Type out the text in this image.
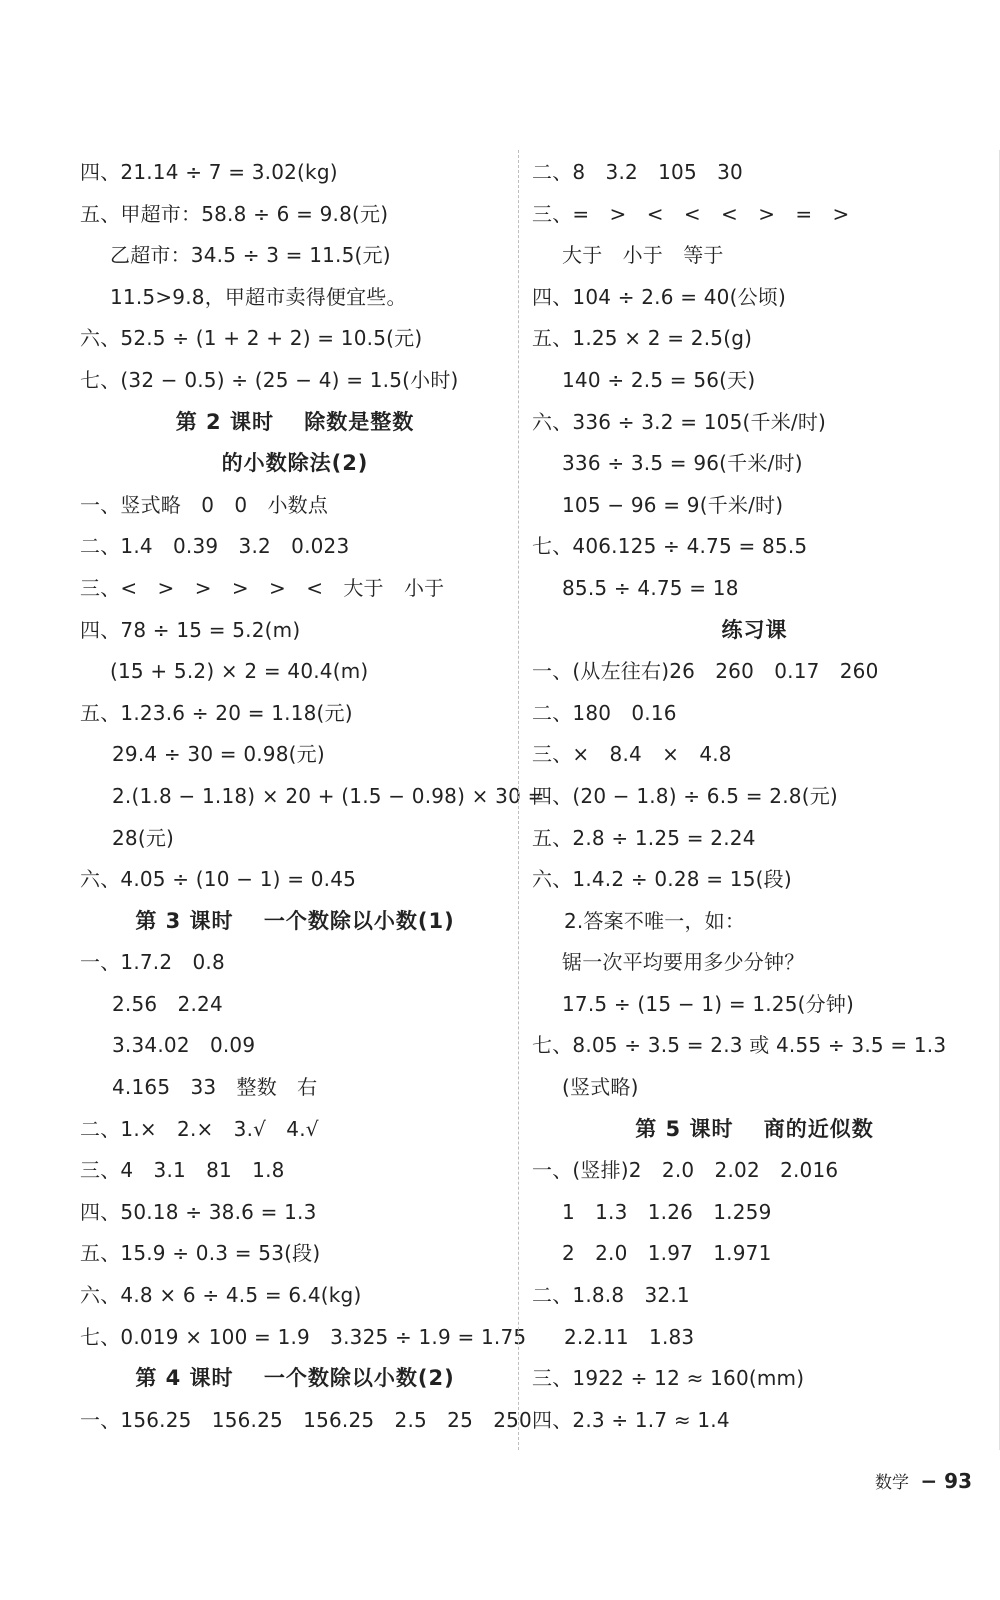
四、21.14 ÷ 7 = 3.02(kg)
五、甲超市：58.8 ÷ 6 = 9.8(元)
乙超市：34.5 ÷ 3 = 11.5(元)
11.5>9.8，甲超市卖得便宜些。
六、52.5 ÷ (1 + 2 + 2) = 10.5(元)
七、(32 − 0.5) ÷ (25 − 4) = 1.5(小时)
第 2 课时　 除数是整数
的小数除法(2)
一、竖式略　0　0　小数点
二、1.4　0.39　3.2　0.023
三、<　>　>　>　>　<　大于　小于
四、78 ÷ 15 = 5.2(m)
(15 + 5.2) × 2 = 40.4(m)
五、1.23.6 ÷ 20 = 1.18(元)
29.4 ÷ 30 = 0.98(元)
2.(1.8 − 1.18) × 20 + (1.5 − 0.98) × 30 =
28(元)
六、4.05 ÷ (10 − 1) = 0.45
第 3 课时　 一个数除以小数(1)
一、1.7.2　0.8
2.56　2.24
3.34.02　0.09
4.165　33　整数　右
二、1.×　2.×　3.√　4.√
三、4　3.1　81　1.8
四、50.18 ÷ 38.6 = 1.3
五、15.9 ÷ 0.3 = 53(段)
六、4.8 × 6 ÷ 4.5 = 6.4(kg)
七、0.019 × 100 = 1.9　3.325 ÷ 1.9 = 1.75
第 4 课时　 一个数除以小数(2)
一、156.25　156.25　156.25　2.5　25　250
二、8　3.2　105　30
三、=　>　<　<　<　>　=　>
大于　小于　等于
四、104 ÷ 2.6 = 40(公顷)
五、1.25 × 2 = 2.5(g)
140 ÷ 2.5 = 56(天)
六、336 ÷ 3.2 = 105(千米/时)
336 ÷ 3.5 = 96(千米/时)
105 − 96 = 9(千米/时)
七、406.125 ÷ 4.75 = 85.5
85.5 ÷ 4.75 = 18
练习课
一、(从左往右)26　260　0.17　260
二、180　0.16
三、×　8.4　×　4.8
四、(20 − 1.8) ÷ 6.5 = 2.8(元)
五、2.8 ÷ 1.25 = 2.24
六、1.4.2 ÷ 0.28 = 15(段)
2.答案不唯一，如：
锯一次平均要用多少分钟？
17.5 ÷ (15 − 1) = 1.25(分钟)
七、8.05 ÷ 3.5 = 2.3 或 4.55 ÷ 3.5 = 1.3
(竖式略)
第 5 课时　 商的近似数
一、(竖排)2　2.0　2.02　2.016
1　1.3　1.26　1.259
2　2.0　1.97　1.971
二、1.8.8　32.1
2.2.11　1.83
三、1922 ÷ 12 ≈ 160(mm)
四、2.3 ÷ 1.7 ≈ 1.4
数学 − 93
